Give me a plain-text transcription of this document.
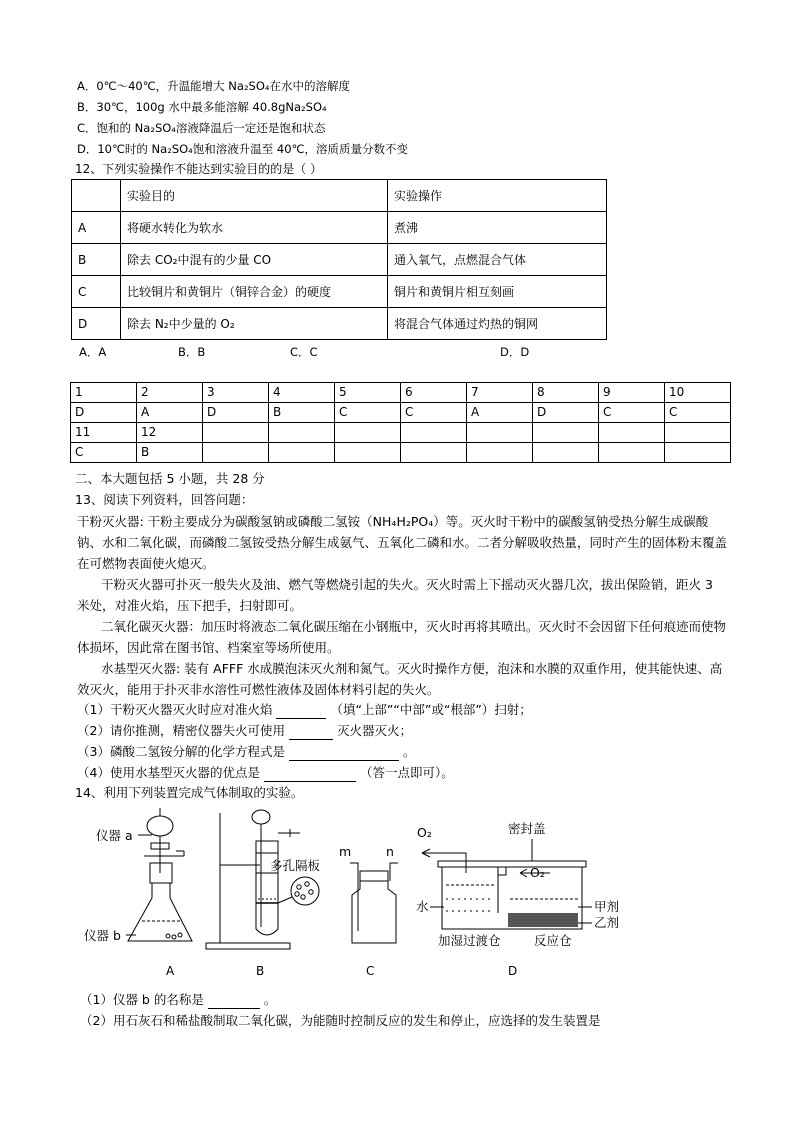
A．0℃～40℃，升温能增大 Na₂SO₄在水中的溶解度
B．30℃，100g 水中最多能溶解 40.8gNa₂SO₄
C．饱和的 Na₂SO₄溶液降温后一定还是饱和状态
D．10℃时的 Na₂SO₄饱和溶液升温至 40℃，溶质质量分数不变
12、下列实验操作不能达到实验目的的是（ ）
	实验目的	实验操作
A	将硬水转化为软水	煮沸
B	除去 CO₂中混有的少量 CO	通入氧气，点燃混合气体
C	比较铜片和黄铜片（铜锌合金）的硬度	铜片和黄铜片相互刻画
D	除去 N₂中少量的 O₂	将混合气体通过灼热的铜网
A．A	B．B	C．C	D．D
1	2	3	4	5	6	7	8	9	10
D	A	D	B	C	C	A	D	C	C
11	12								
C	B								
二、本大题包括 5 小题，共 28 分
13、阅读下列资料，回答问题：
干粉灭火器: 干粉主要成分为碳酸氢钠或磷酸二氢铵（NH₄H₂PO₄）等。灭火时干粉中的碳酸氢钠受热分解生成碳酸钠、水和二氧化碳，而磷酸二氢铵受热分解生成氨气、五氧化二磷和水。二者分解吸收热量，同时产生的固体粉末覆盖在可燃物表面使火熄灭。
干粉灭火器可扑灭一般失火及油、燃气等燃烧引起的失火。灭火时需上下摇动灭火器几次，拔出保险销，距火 3 米处，对准火焰，压下把手，扫射即可。
二氧化碳灭火器：加压时将液态二氧化碳压缩在小钢瓶中，灭火时再将其喷出。灭火时不会因留下任何痕迹而使物体损坏，因此常在图书馆、档案室等场所使用。
水基型灭火器: 装有 AFFF 水成膜泡沫灭火剂和氮气。灭火时操作方便，泡沫和水膜的双重作用，使其能快速、高效灭火，能用于扑灭非水溶性可燃性液体及固体材料引起的失火。
（1）干粉灭火器灭火时应对准火焰	（填“上部”“中部”或“根部”）扫射；
（2）请你推测，精密仪器失火可使用	灭火器灭火；
（3）磷酸二氢铵分解的化学方程式是	。
（4）使用水基型灭火器的优点是	（答一点即可）。
14、利用下列装置完成气体制取的实验。
仪器 a
仪器 b
A
多孔隔板
B
m	n
C
O₂	密封盖
O₂
水	甲剂
乙剂
加湿过渡仓	反应仓
D
（1）仪器 b 的名称是	。
（2）用石灰石和稀盐酸制取二氧化碳，为能随时控制反应的发生和停止，应选择的发生装置是
